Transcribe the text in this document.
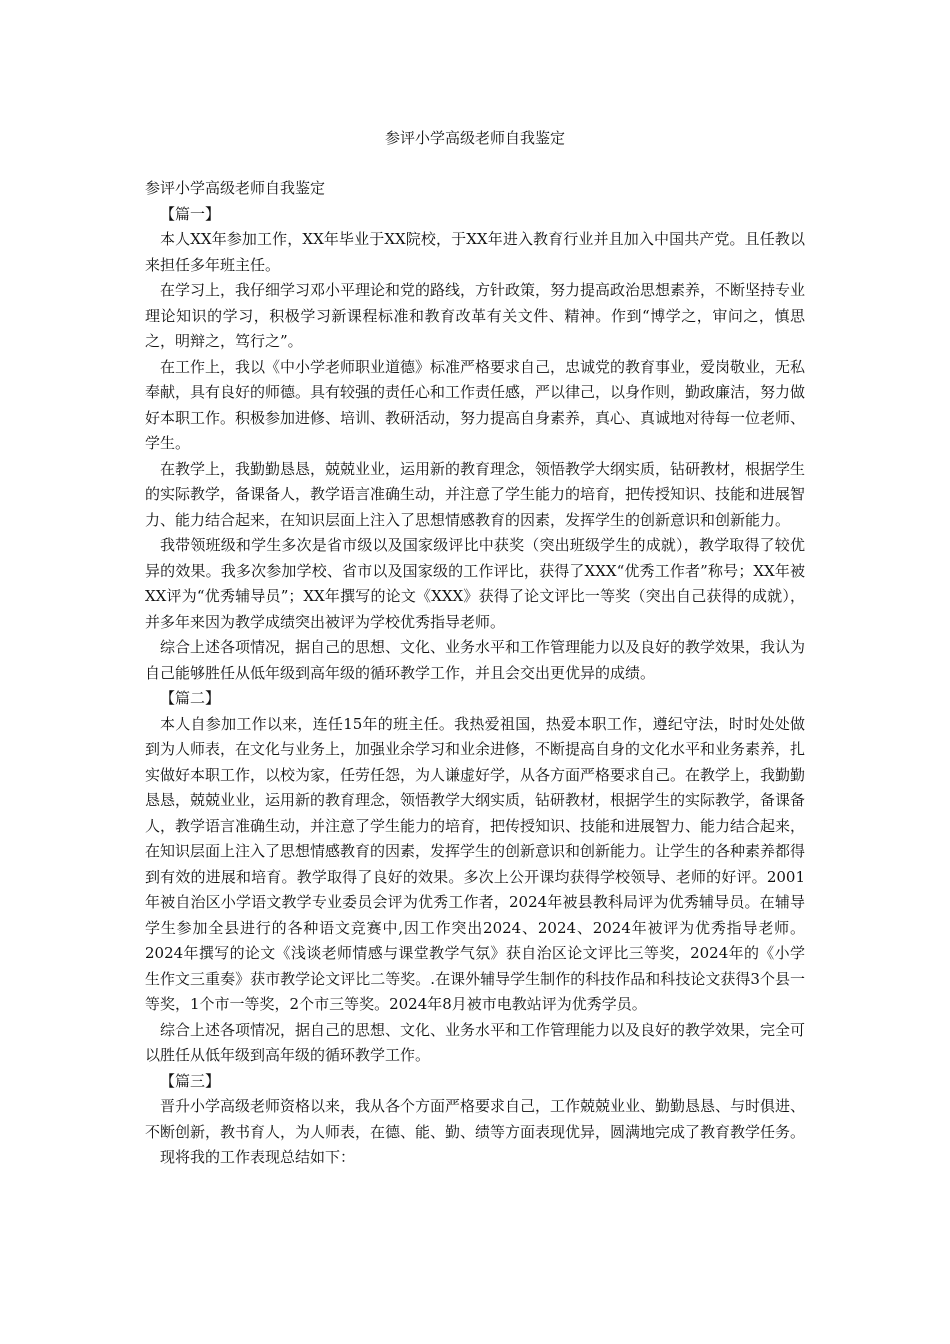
参评小学高级老师自我鉴定

参评小学高级老师自我鉴定

【篇一】

本人XX年参加工作，XX年毕业于XX院校，于XX年进入教育行业并且加入中国共产党。且任教以来担任多年班主任。

在学习上，我仔细学习邓小平理论和党的路线，方针政策，努力提高政治思想素养，不断坚持专业理论知识的学习，积极学习新课程标准和教育改革有关文件、精神。作到“博学之，审问之，慎思之，明辩之，笃行之”。

在工作上，我以《中小学老师职业道德》标准严格要求自己，忠诚党的教育事业，爱岗敬业，无私奉献，具有良好的师德。具有较强的责任心和工作责任感，严以律己，以身作则，勤政廉洁，努力做好本职工作。积极参加进修、培训、教研活动，努力提高自身素养，真心、真诚地对待每一位老师、学生。

在教学上，我勤勤恳恳，兢兢业业，运用新的教育理念，领悟教学大纲实质，钻研教材，根据学生的实际教学，备课备人，教学语言准确生动，并注意了学生能力的培育，把传授知识、技能和进展智力、能力结合起来，在知识层面上注入了思想情感教育的因素，发挥学生的创新意识和创新能力。

我带领班级和学生多次是省市级以及国家级评比中获奖（突出班级学生的成就），教学取得了较优异的效果。我多次参加学校、省市以及国家级的工作评比，获得了XXX“优秀工作者”称号；XX年被XX评为“优秀辅导员”；XX年撰写的论文《XXX》获得了论文评比一等奖（突出自己获得的成就），并多年来因为教学成绩突出被评为学校优秀指导老师。

综合上述各项情况，据自己的思想、文化、业务水平和工作管理能力以及良好的教学效果，我认为自己能够胜任从低年级到高年级的循环教学工作，并且会交出更优异的成绩。

【篇二】

本人自参加工作以来，连任15年的班主任。我热爱祖国，热爱本职工作，遵纪守法，时时处处做到为人师表，在文化与业务上，加强业余学习和业余进修，不断提高自身的文化水平和业务素养，扎实做好本职工作，以校为家，任劳任怨，为人谦虚好学，从各方面严格要求自己。在教学上，我勤勤恳恳，兢兢业业，运用新的教育理念，领悟教学大纲实质，钻研教材，根据学生的实际教学，备课备人，教学语言准确生动，并注意了学生能力的培育，把传授知识、技能和进展智力、能力结合起来，在知识层面上注入了思想情感教育的因素，发挥学生的创新意识和创新能力。让学生的各种素养都得到有效的进展和培育。教学取得了良好的效果。多次上公开课均获得学校领导、老师的好评。2001年被自治区小学语文教学专业委员会评为优秀工作者，2024年被县教科局评为优秀辅导员。在辅导学生参加全县进行的各种语文竞赛中,因工作突出2024、2024、2024年被评为优秀指导老师。2024年撰写的论文《浅谈老师情感与课堂教学气氛》获自治区论文评比三等奖，2024年的《小学生作文三重奏》获市教学论文评比二等奖。.在课外辅导学生制作的科技作品和科技论文获得3个县一等奖，1个市一等奖，2个市三等奖。2024年8月被市电教站评为优秀学员。

综合上述各项情况，据自己的思想、文化、业务水平和工作管理能力以及良好的教学效果，完全可以胜任从低年级到高年级的循环教学工作。

【篇三】

晋升小学高级老师资格以来，我从各个方面严格要求自己，工作兢兢业业、勤勤恳恳、与时俱进、不断创新，教书育人，为人师表，在德、能、勤、绩等方面表现优异，圆满地完成了教育教学任务。

现将我的工作表现总结如下：
